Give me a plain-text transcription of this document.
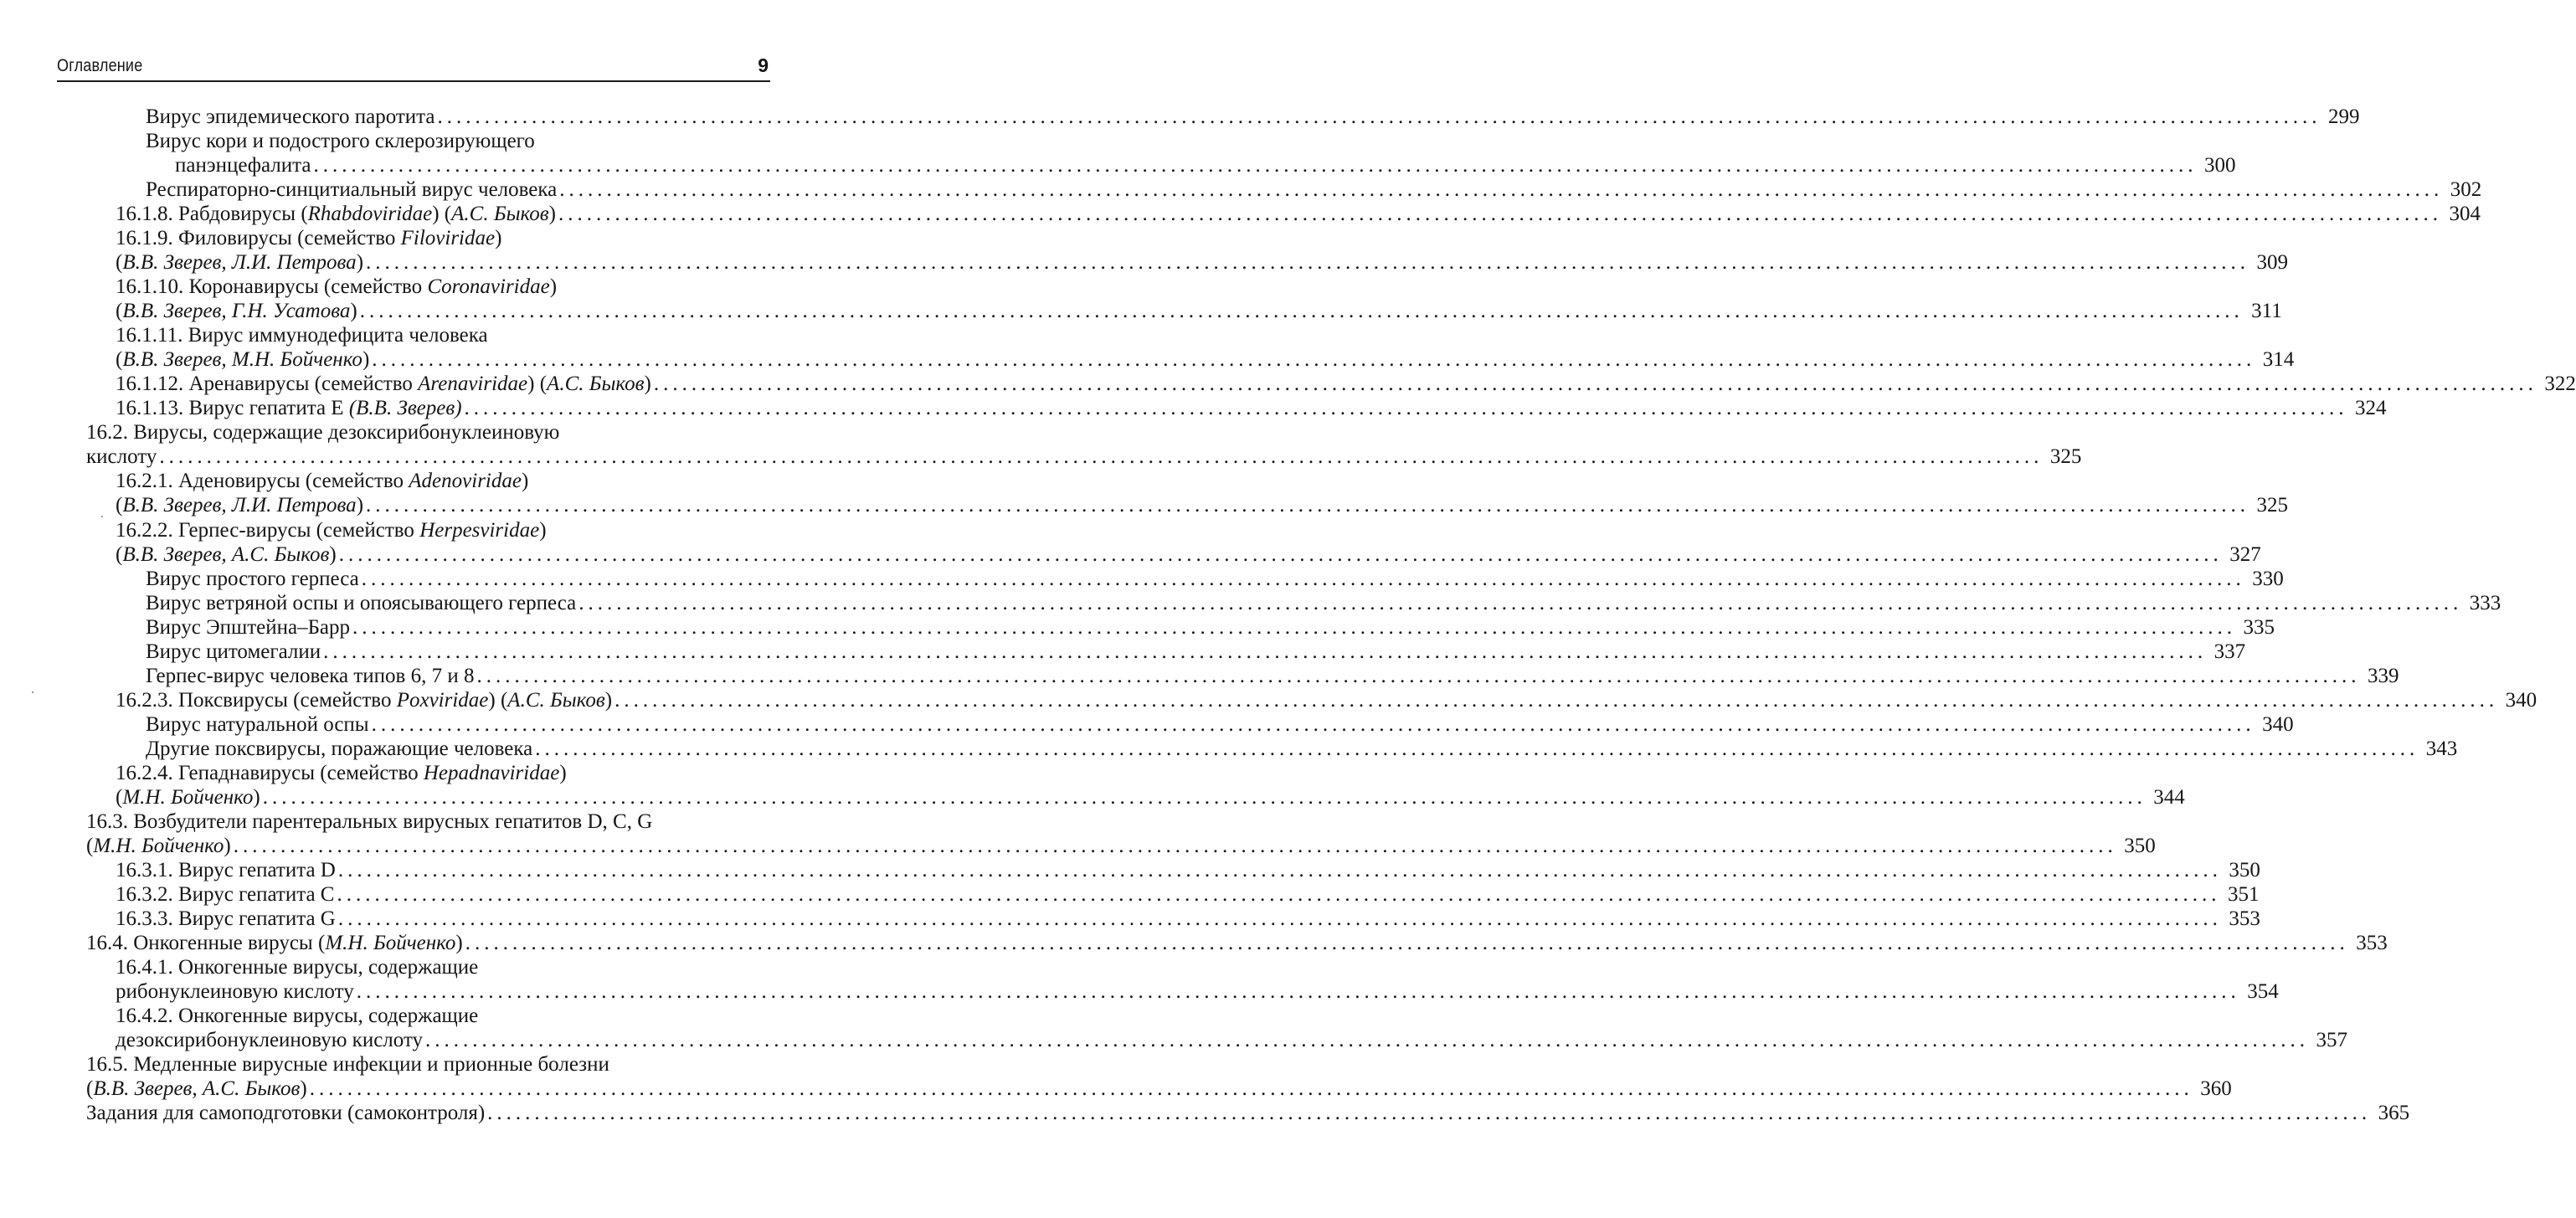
Оглавление	9
Вирус эпидемического паротита ........................................................................................................................................................................................................ 299
Вирус кори и подострого склерозирующего
панэнцефалита ........................................................................................................................................................................................................ 300
Респираторно-синцитиальный вирус человека ........................................................................................................................................................................................................ 302
16.1.8. Рабдовирусы (Rhabdoviridae) (А.С. Быков) ........................................................................................................................................................................................................ 304
16.1.9. Филовирусы (семейство Filoviridae)
(В.В. Зверев, Л.И. Петрова) ........................................................................................................................................................................................................ 309
16.1.10. Коронавирусы (семейство Coronaviridae)
(В.В. Зверев, Г.Н. Усатова) ........................................................................................................................................................................................................ 311
16.1.11. Вирус иммунодефицита человека
(В.В. Зверев, М.Н. Бойченко) ........................................................................................................................................................................................................ 314
16.1.12. Аренавирусы (семейство Arenaviridae) (А.С. Быков) ........................................................................................................................................................................................................ 322
16.1.13. Вирус гепатита Е (В.В. Зверев) ........................................................................................................................................................................................................ 324
16.2. Вирусы, содержащие дезоксирибонуклеиновую
кислоту ........................................................................................................................................................................................................ 325
16.2.1. Аденовирусы (семейство Adenoviridae)
(В.В. Зверев, Л.И. Петрова) ........................................................................................................................................................................................................ 325
16.2.2. Герпес-вирусы (семейство Herpesviridae)
(В.В. Зверев, А.С. Быков) ........................................................................................................................................................................................................ 327
Вирус простого герпеса ........................................................................................................................................................................................................ 330
Вирус ветряной оспы и опоясывающего герпеса ........................................................................................................................................................................................................ 333
Вирус Эпштейна–Барр ........................................................................................................................................................................................................ 335
Вирус цитомегалии ........................................................................................................................................................................................................ 337
Герпес-вирус человека типов 6, 7 и 8 ........................................................................................................................................................................................................ 339
16.2.3. Поксвирусы (семейство Poxviridae) (А.С. Быков) ........................................................................................................................................................................................................ 340
Вирус натуральной оспы ........................................................................................................................................................................................................ 340
Другие поксвирусы, поражающие человека ........................................................................................................................................................................................................ 343
16.2.4. Гепаднавирусы (семейство Hepadnaviridae)
(М.Н. Бойченко) ........................................................................................................................................................................................................ 344
16.3. Возбудители парентеральных вирусных гепатитов D, C, G
(М.Н. Бойченко) ........................................................................................................................................................................................................ 350
16.3.1. Вирус гепатита D ........................................................................................................................................................................................................ 350
16.3.2. Вирус гепатита С ........................................................................................................................................................................................................ 351
16.3.3. Вирус гепатита G ........................................................................................................................................................................................................ 353
16.4. Онкогенные вирусы (М.Н. Бойченко) ........................................................................................................................................................................................................ 353
16.4.1. Онкогенные вирусы, содержащие
рибонуклеиновую кислоту ........................................................................................................................................................................................................ 354
16.4.2. Онкогенные вирусы, содержащие
дезоксирибонуклеиновую кислоту ........................................................................................................................................................................................................ 357
16.5. Медленные вирусные инфекции и прионные болезни
(В.В. Зверев, А.С. Быков) ........................................................................................................................................................................................................ 360
Задания для самоподготовки (самоконтроля) ........................................................................................................................................................................................................ 365
